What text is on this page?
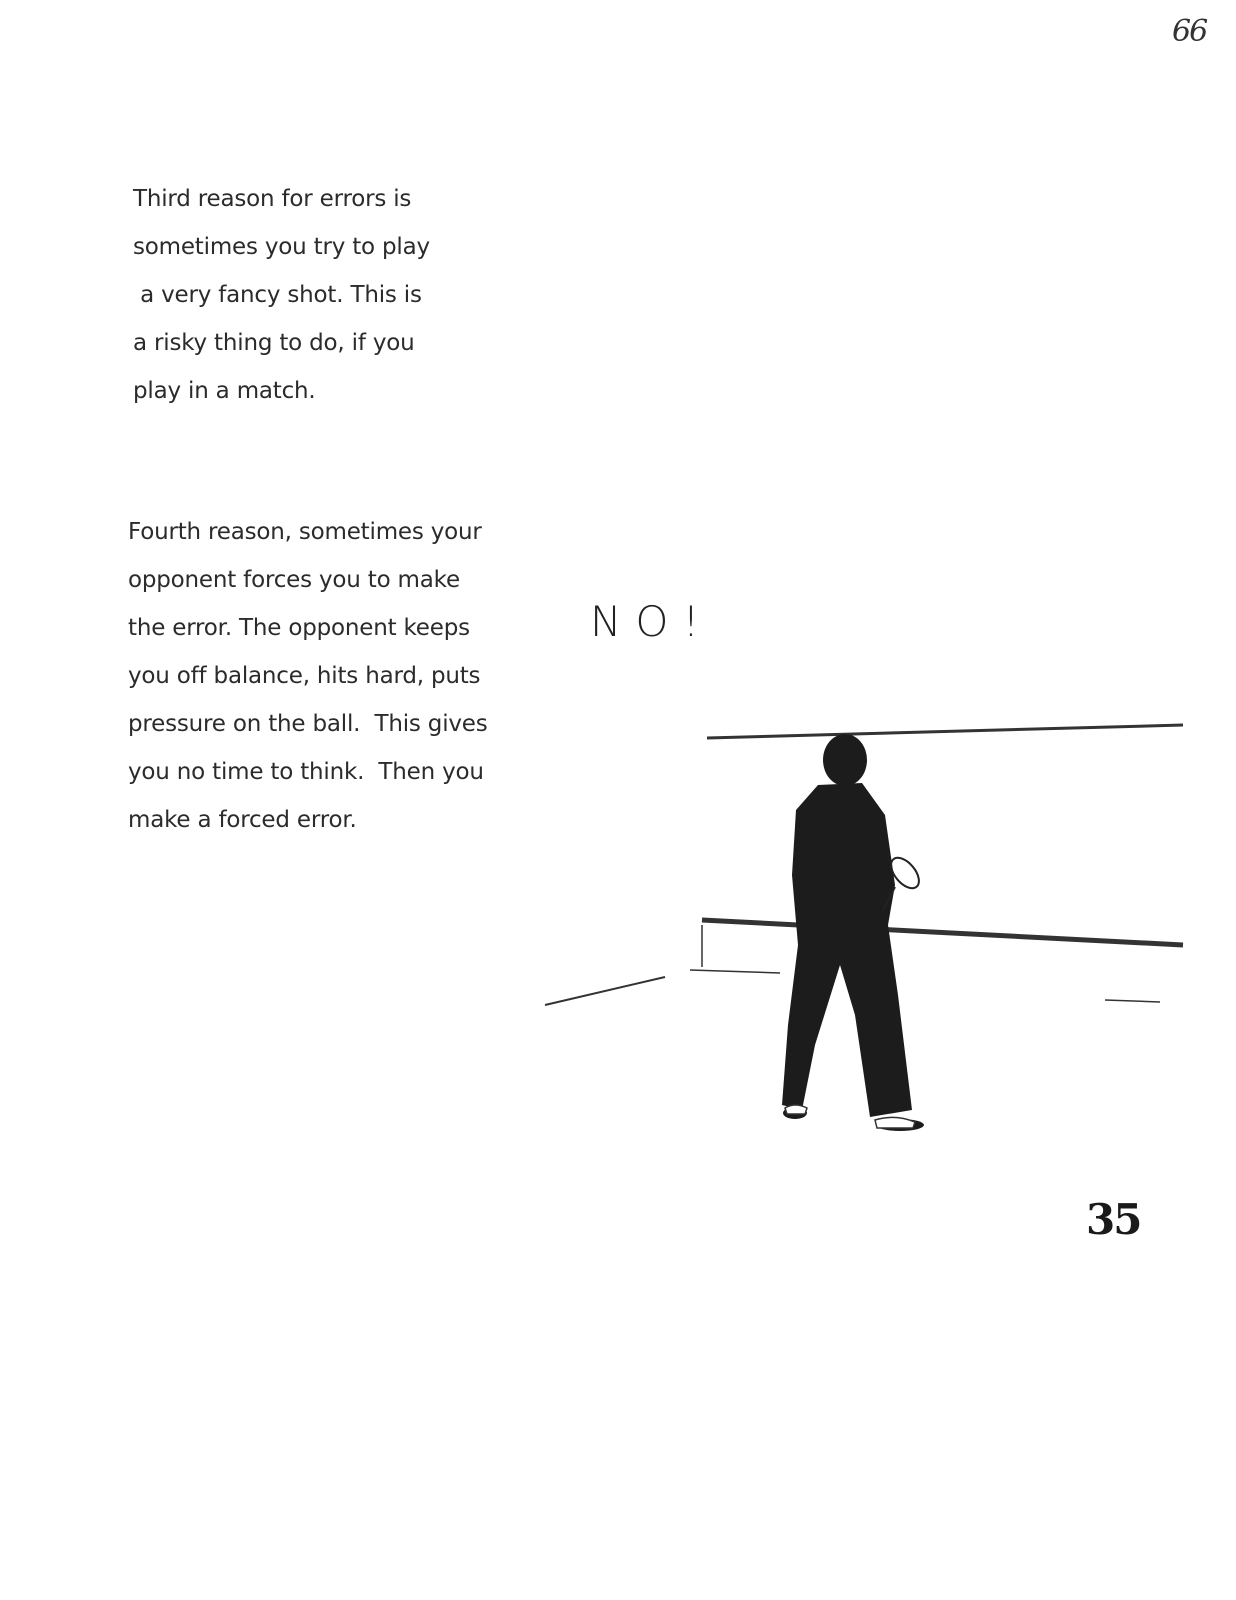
66

Third reason for errors is
sometimes you try to play
a very fancy shot. This is
a risky thing to do, if you
play in a match.

Fourth reason, sometimes your
opponent forces you to make
the error. The opponent keeps
you off balance, hits hard, puts
pressure on the ball.  This gives
you no time to think.  Then you
make a forced error.

NO!
35
